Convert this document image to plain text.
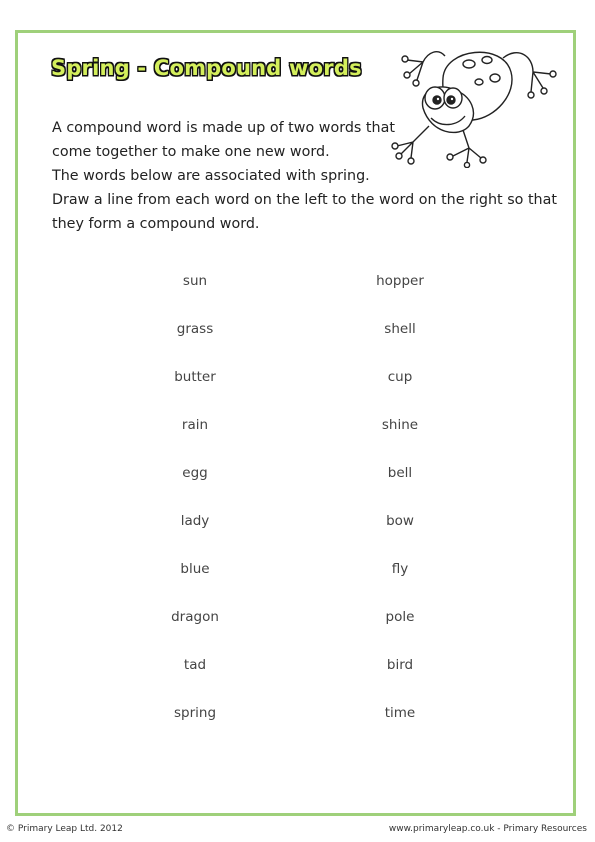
Spring - Compound words

A compound word is made up of two words that

come together to make one new word.

The words below are associated with spring.

Draw a line from each word on the left to the word on the right so that

they form a compound word.

sun
grass
butter
rain
egg
lady
blue
dragon
tad
spring
hopper
shell
cup
shine
bell
bow
fly
pole
bird
time
© Primary Leap Ltd. 2012	www.primaryleap.co.uk - Primary Resources
